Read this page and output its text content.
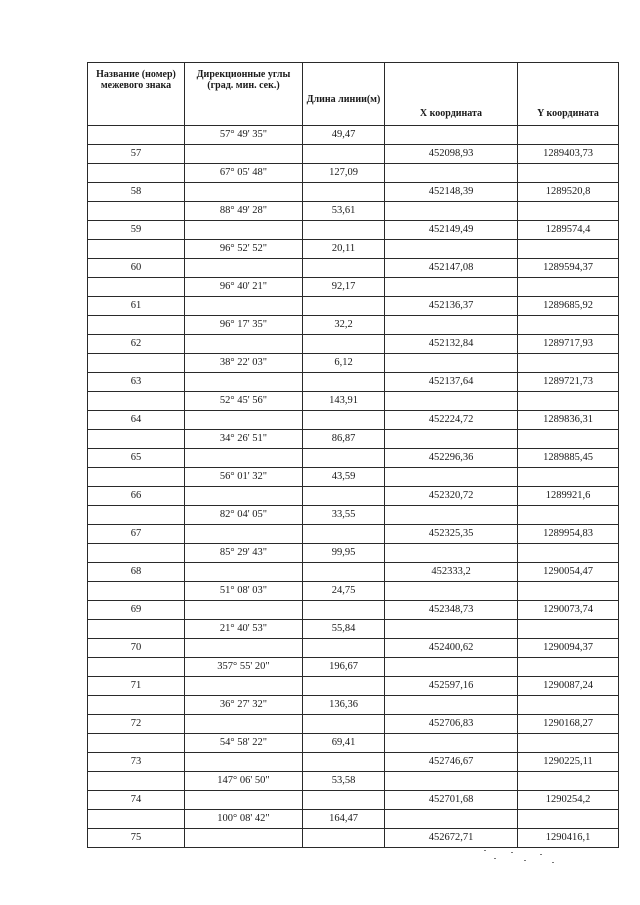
Название (номер) межевого знака	Дирекционные углы (град. мин. сек.)	Длина линии(м)	X координата	Y координата
	57° 49' 35"	49,47		
57			452098,93	1289403,73
	67° 05' 48"	127,09		
58			452148,39	1289520,8
	88° 49' 28"	53,61		
59			452149,49	1289574,4
	96° 52' 52"	20,11		
60			452147,08	1289594,37
	96° 40' 21"	92,17		
61			452136,37	1289685,92
	96° 17' 35"	32,2		
62			452132,84	1289717,93
	38° 22' 03"	6,12		
63			452137,64	1289721,73
	52° 45' 56"	143,91		
64			452224,72	1289836,31
	34° 26' 51"	86,87		
65			452296,36	1289885,45
	56° 01' 32"	43,59		
66			452320,72	1289921,6
	82° 04' 05"	33,55		
67			452325,35	1289954,83
	85° 29' 43"	99,95		
68			452333,2	1290054,47
	51° 08' 03"	24,75		
69			452348,73	1290073,74
	21° 40' 53"	55,84		
70			452400,62	1290094,37
	357° 55' 20"	196,67		
71			452597,16	1290087,24
	36° 27' 32"	136,36		
72			452706,83	1290168,27
	54° 58' 22"	69,41		
73			452746,67	1290225,11
	147° 06' 50"	53,58		
74			452701,68	1290254,2
	100° 08' 42"	164,47		
75			452672,71	1290416,1
